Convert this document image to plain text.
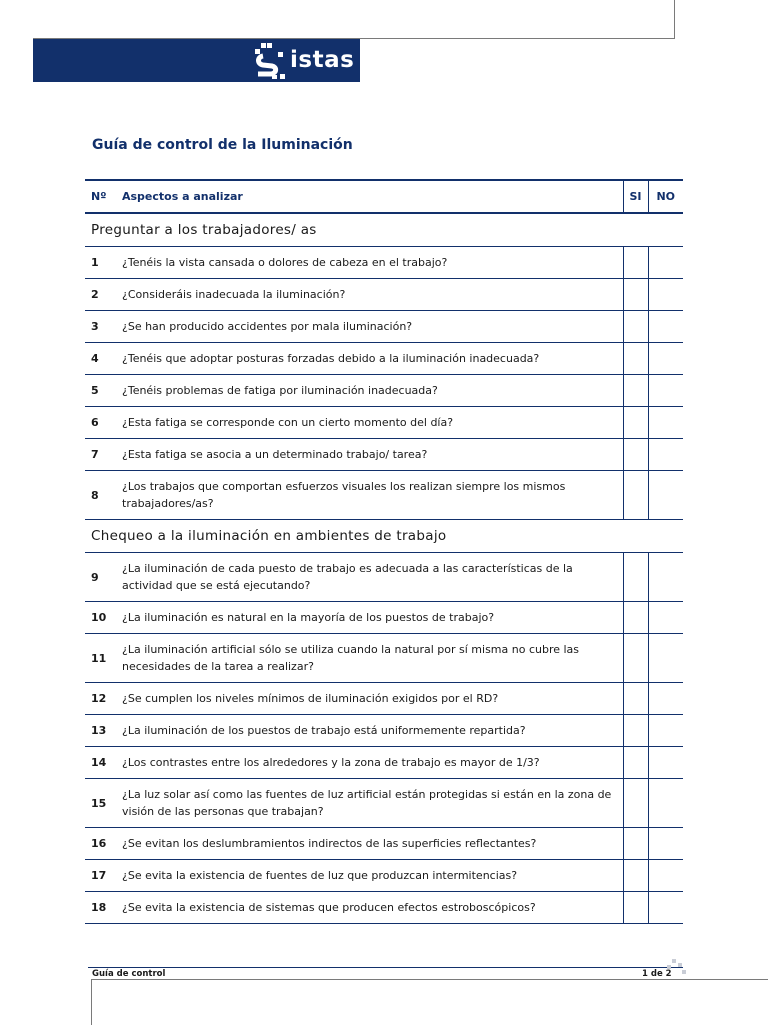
istas
Guía de control de la Iluminación
Nº	Aspectos a analizar	SI	NO
Preguntar a los trabajadores/ as			
1	¿Tenéis la vista cansada o dolores de cabeza en el trabajo?		
2	¿Consideráis inadecuada la iluminación?		
3	¿Se han producido accidentes por mala iluminación?		
4	¿Tenéis que adoptar posturas forzadas debido a la iluminación inadecuada?		
5	¿Tenéis problemas de fatiga por iluminación inadecuada?		
6	¿Esta fatiga se corresponde con un cierto momento del día?		
7	¿Esta fatiga se asocia a un determinado trabajo/ tarea?		
8	¿Los trabajos que comportan esfuerzos visuales los realizan siempre los mismos trabajadores/as?		
Chequeo a la iluminación en ambientes de trabajo			
9	¿La iluminación de cada puesto de trabajo es adecuada a las características de la actividad que se está ejecutando?		
10	¿La iluminación es natural en la mayoría de los puestos de trabajo?		
11	¿La iluminación artificial sólo se utiliza cuando la natural por sí misma no cubre las necesidades de la tarea a realizar?		
12	¿Se cumplen los niveles mínimos de iluminación exigidos por el RD?		
13	¿La iluminación de los puestos de trabajo está uniformemente repartida?		
14	¿Los contrastes entre los alrededores y la zona de trabajo es mayor de 1/3?		
15	¿La luz solar así como las fuentes de luz artificial están protegidas si están en la zona de visión de las personas que trabajan?		
16	¿Se evitan los deslumbramientos indirectos de las superficies reflectantes?		
17	¿Se evita la existencia de fuentes de luz que produzcan intermitencias?		
18	¿Se evita la existencia de sistemas que producen efectos estroboscópicos?		
Guía de control	1 de 2
